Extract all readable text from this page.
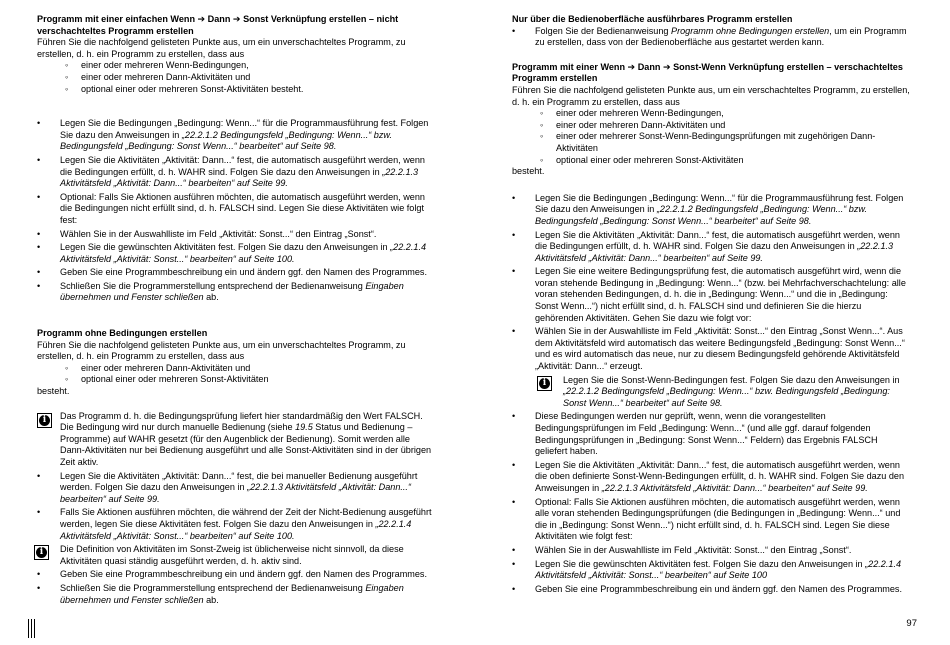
Programm mit einer einfachen Wenn ➔ Dann ➔ Sonst Verknüpfung erstellen – nicht verschachteltes Programm erstellen

Führen Sie die nachfolgend gelisteten Punkte aus, um ein unverschachteltes Programm, zu erstellen, d. h. ein Programm zu erstellen, dass aus

◦ einer oder mehreren Wenn-Bedingungen,
◦ einer oder mehreren Dann-Aktivitäten und
◦ optional einer oder mehreren Sonst-Aktivitäten besteht.
• Legen Sie die Bedingungen „Bedingung: Wenn...“ für die Programmausführung fest. Folgen Sie dazu den Anweisungen in „22.2.1.2 Bedingungsfeld „Bedingung: Wenn...“ bzw. Bedingungsfeld „Bedingung: Sonst Wenn...“ bearbeitet“ auf Seite 98.
• Legen Sie die Aktivitäten „Aktivität: Dann...“ fest, die automatisch ausgeführt werden, wenn die Bedingungen erfüllt, d. h. WAHR sind. Folgen Sie dazu den Anweisungen in „22.2.1.3 Aktivitätsfeld „Aktivität: Dann...“ bearbeiten“ auf Seite 99.
• Optional: Falls Sie Aktionen ausführen möchten, die automatisch ausgeführt werden, wenn die Bedingungen nicht erfüllt sind, d. h. FALSCH sind. Legen Sie diese Aktivitäten wie folgt fest:
• Wählen Sie in der Auswahlliste im Feld „Aktivität: Sonst...“ den Eintrag „Sonst“.
• Legen Sie die gewünschten Aktivitäten fest. Folgen Sie dazu den Anweisungen in „22.2.1.4 Aktivitätsfeld „Aktivität: Sonst...“ bearbeiten“ auf Seite 100.
• Geben Sie eine Programmbeschreibung ein und ändern ggf. den Namen des Programmes.
• Schließen Sie die Programmerstellung entsprechend der Bedienanweisung Eingaben übernehmen und Fenster schließen ab.
Programm ohne Bedingungen erstellen

Führen Sie die nachfolgend gelisteten Punkte aus, um ein unverschachteltes Programm, zu erstellen, d. h. ein Programm zu erstellen, dass aus

◦ einer oder mehreren Dann-Aktivitäten und
◦ optional einer oder mehreren Sonst-Aktivitäten

besteht.

i	Das Programm d. h. die Bedingungsprüfung liefert hier standardmäßig den Wert FALSCH. Die Bedingung wird nur durch manuelle Bedienung (siehe 19.5 Status und Bedienung – Programme) auf WAHR gesetzt (für den Augenblick der Bedienung). Somit werden alle Dann-Aktivitäten nur bei Bedienung ausgeführt und alle Sonst-Aktivitäten sind in der übrigen Zeit aktiv.
• Legen Sie die Aktivitäten „Aktivität: Dann...“ fest, die bei manueller Bedienung ausgeführt werden. Folgen Sie dazu den Anweisungen in „22.2.1.3 Aktivitätsfeld „Aktivität: Dann...“ bearbeiten“ auf Seite 99.
• Falls Sie Aktionen ausführen möchten, die während der Zeit der Nicht-Bedienung ausgeführt werden, legen Sie diese Aktivitäten fest. Folgen Sie dazu den Anweisungen in „22.2.1.4 Aktivitätsfeld „Aktivität: Sonst...“ bearbeiten“ auf Seite 100.
i	Die Definition von Aktivitäten im Sonst-Zweig ist üblicherweise nicht sinnvoll, da diese Aktivitäten quasi ständig ausgeführt werden, d. h. aktiv sind.
• Geben Sie eine Programmbeschreibung ein und ändern ggf. den Namen des Programmes.
• Schließen Sie die Programmerstellung entsprechend der Bedienanweisung Eingaben übernehmen und Fenster schließen ab.
Nur über die Bedienoberfläche ausführbares Programm erstellen
• Folgen Sie der Bedienanweisung Programm ohne Bedingungen erstellen, um ein Programm zu erstellen, dass von der Bedienoberfläche aus gestartet werden kann.
Programm mit einer Wenn ➔ Dann ➔ Sonst-Wenn Verknüpfung erstellen – verschachteltes Programm erstellen

Führen Sie die nachfolgend gelisteten Punkte aus, um ein verschachteltes Programm, zu erstellen, d. h. ein Programm zu erstellen, dass aus

◦ einer oder mehreren Wenn-Bedingungen,
◦ einer oder mehreren Dann-Aktivitäten und
◦ einer oder mehrerer Sonst-Wenn-Bedingungsprüfungen mit zugehörigen Dann-Aktivitäten
◦ optional einer oder mehreren Sonst-Aktivitäten

besteht.

• Legen Sie die Bedingungen „Bedingung: Wenn...“ für die Programmausführung fest. Folgen Sie dazu den Anweisungen in „22.2.1.2 Bedingungsfeld „Bedingung: Wenn...“ bzw. Bedingungsfeld „Bedingung: Sonst Wenn...“ bearbeitet“ auf Seite 98.
• Legen Sie die Aktivitäten „Aktivität: Dann...“ fest, die automatisch ausgeführt werden, wenn die Bedingungen erfüllt, d. h. WAHR sind. Folgen Sie dazu den Anweisungen in „22.2.1.3 Aktivitätsfeld „Aktivität: Dann...“ bearbeiten“ auf Seite 99.
• Legen Sie eine weitere Bedingungsprüfung fest, die automatisch ausgeführt wird, wenn die voran stehende Bedingung in „Bedingung: Wenn...“ (bzw. bei Mehrfachverschachtelung: alle voran stehenden Bedingungen, d. h. die in „Bedingung: Wenn...“ und die in „Bedingung: Sonst Wenn...“) nicht erfüllt sind, d. h. FALSCH sind und definieren Sie die hierzu gehörenden Aktivitäten. Gehen Sie dazu wie folgt vor:
• Wählen Sie in der Auswahlliste im Feld „Aktivität: Sonst...“ den Eintrag „Sonst Wenn...“. Aus dem Aktivitätsfeld wird automatisch das weitere Bedingungsfeld „Bedingung: Sonst Wenn...“ und es wird automatisch das neue, nur zu diesem Bedingungsfeld gehörende Aktivitätsfeld „Aktivität: Dann...“ erzeugt.
i	Legen Sie die Sonst-Wenn-Bedingungen fest. Folgen Sie dazu den Anweisungen in „22.2.1.2 Bedingungsfeld „Bedingung: Wenn...“ bzw. Bedingungsfeld „Bedingung: Sonst Wenn...“ bearbeitet“ auf Seite 98.
• Diese Bedingungen werden nur geprüft, wenn, wenn die vorangestellten Bedingungsprüfungen im Feld „Bedingung: Wenn...“ (und alle ggf. darauf folgenden Bedingungsprüfungen in „Bedingung: Sonst Wenn...“ Feldern) das Ergebnis FALSCH geliefert haben.
• Legen Sie die Aktivitäten „Aktivität: Dann...“ fest, die automatisch ausgeführt werden, wenn die oben definierte Sonst-Wenn-Bedingungen erfüllt, d. h. WAHR sind. Folgen Sie dazu den Anweisungen in „22.2.1.3 Aktivitätsfeld „Aktivität: Dann...“ bearbeiten“ auf Seite 99.
• Optional: Falls Sie Aktionen ausführen möchten, die automatisch ausgeführt werden, wenn alle voran stehenden Bedingungsprüfungen (die Bedingungen in „Bedingung: Wenn...“ und die in „Bedingung: Sonst Wenn...“) nicht erfüllt sind, d. h. FALSCH sind. Legen Sie diese Aktivitäten wie folgt fest:
• Wählen Sie in der Auswahlliste im Feld „Aktivität: Sonst...“ den Eintrag „Sonst“.
• Legen Sie die gewünschten Aktivitäten fest. Folgen Sie dazu den Anweisungen in „22.2.1.4 Aktivitätsfeld „Aktivität: Sonst...“ bearbeiten“ auf Seite 100
• Geben Sie eine Programmbeschreibung ein und ändern ggf. den Namen des Programmes.
97
